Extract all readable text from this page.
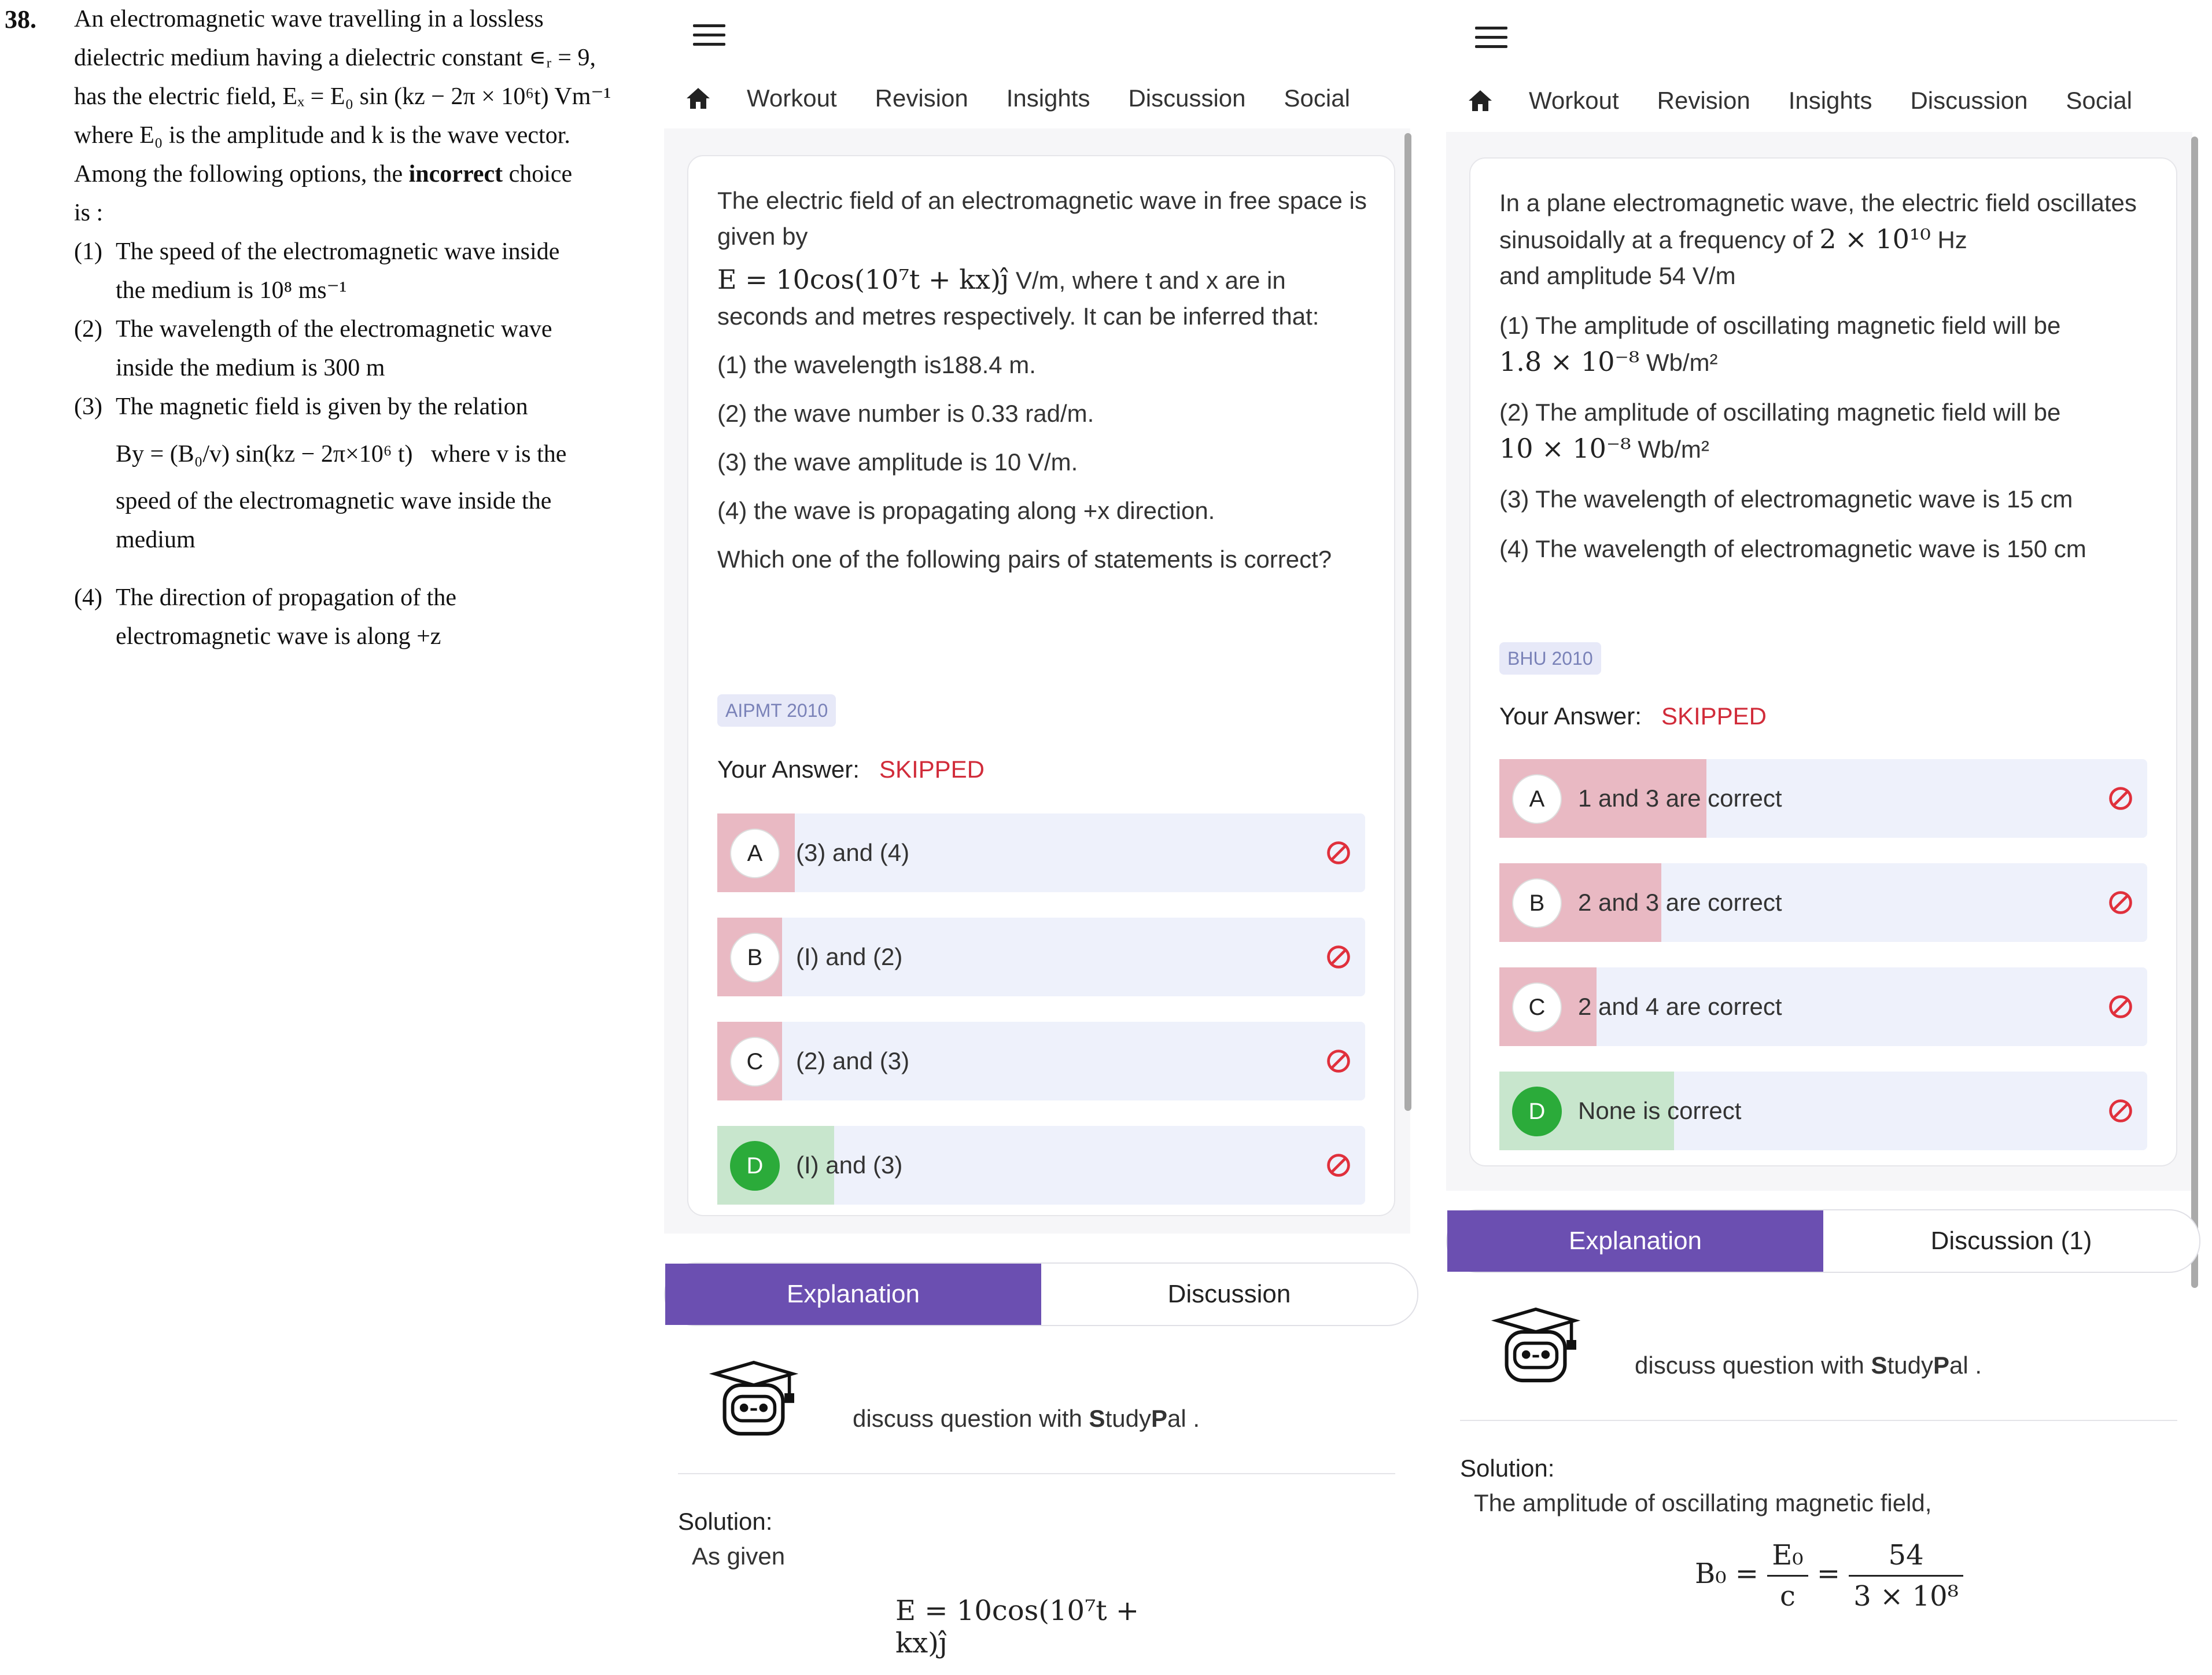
38. An electromagnetic wave travelling in a lossless
dielectric medium having a dielectric constant ∊ᵣ = 9,
has the electric field, Eₓ = E₀ sin (kz − 2π × 10⁶t) Vm⁻¹
where E₀ is the amplitude and k is the wave vector.
Among the following options, the incorrect choice
is :
(1) The speed of the electromagnetic wave inside
the medium is 10⁸ ms⁻¹
(2) The wavelength of the electromagnetic wave
inside the medium is 300 m
(3) The magnetic field is given by the relation
By = (B₀/v) sin(kz − 2π×10⁶ t) where v is the
speed of the electromagnetic wave inside the
medium
(4) The direction of propagation of the
electromagnetic wave is along +z
Workout Revision Insights Discussion Social

The electric field of an electromagnetic wave in free space is given by

E = 10cos(10⁷t + kx)ĵ V/m, where t and x are in seconds and metres respectively. It can be inferred that:

(1) the wavelength is188.4 m.

(2) the wave number is 0.33 rad/m.

(3) the wave amplitude is 10 V/m.

(4) the wave is propagating along +x direction.

Which one of the following pairs of statements is correct?

AIPMT 2010
Your Answer: SKIPPED
A	(3) and (4)
B	(I) and (2)
C	(2) and (3)
D	(I) and (3)
Explanation	Discussion
discuss question with StudyPal .
Solution:
As given
E = 10cos(10⁷t + kx)ĵ
Workout Revision Insights Discussion Social

In a plane electromagnetic wave, the electric field oscillates sinusoidally at a frequency of 2 × 10¹⁰ Hz

and amplitude 54 V/m

(1) The amplitude of oscillating magnetic field will be

1.8 × 10⁻⁸ Wb/m²

(2) The amplitude of oscillating magnetic field will be

10 × 10⁻⁸ Wb/m²

(3) The wavelength of electromagnetic wave is 15 cm

(4) The wavelength of electromagnetic wave is 150 cm

BHU 2010
Your Answer: SKIPPED
A	1 and 3 are correct
B	2 and 3 are correct
C	2 and 4 are correct
D	None is correct
Explanation	Discussion (1)
discuss question with StudyPal .
Solution:
The amplitude of oscillating magnetic field,
$B_0 = \frac{\text{E₀}}{c} = \frac{54}{\text{3 × 10⁸}}$
